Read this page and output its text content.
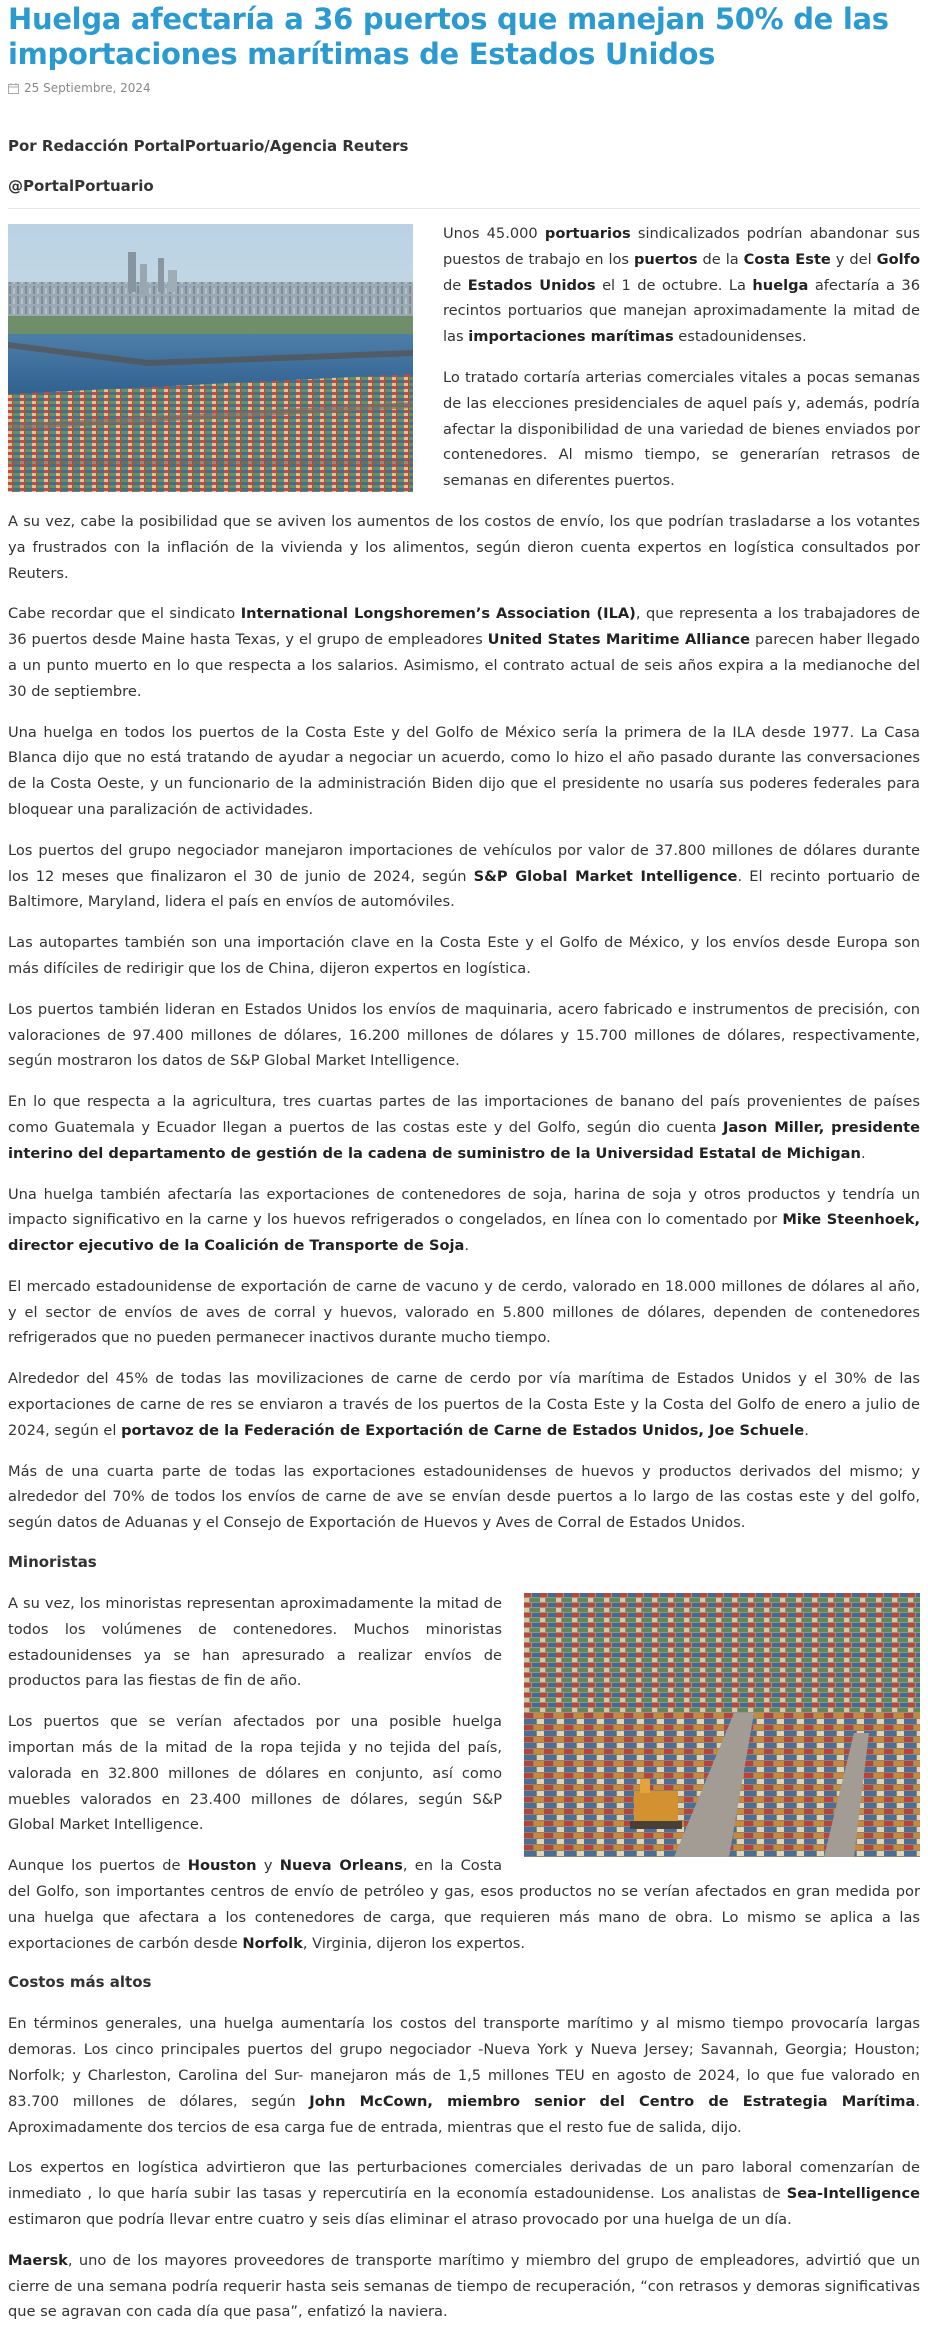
Huelga afectaría a 36 puertos que manejan 50% de las importaciones marítimas de Estados Unidos
25 Septiembre, 2024
Por Redacción PortalPortuario/Agencia Reuters
@PortalPortuario

Unos 45.000 portuarios sindicalizados podrían abandonar sus puestos de trabajo en los puertos de la Costa Este y del Golfo de Estados Unidos el 1 de octubre. La huelga afectaría a 36 recintos portuarios que manejan aproximadamente la mitad de las importaciones marítimas estadounidenses.

Lo tratado cortaría arterias comerciales vitales a pocas semanas de las elecciones presidenciales de aquel país y, además, podría afectar la disponibilidad de una variedad de bienes enviados por contenedores. Al mismo tiempo, se generarían retrasos de semanas en diferentes puertos.

A su vez, cabe la posibilidad que se aviven los aumentos de los costos de envío, los que podrían trasladarse a los votantes ya frustrados con la inflación de la vivienda y los alimentos, según dieron cuenta expertos en logística consultados por Reuters.

Cabe recordar que el sindicato International Longshoremen’s Association (ILA), que representa a los trabajadores de 36 puertos desde Maine hasta Texas, y el grupo de empleadores United States Maritime Alliance parecen haber llegado a un punto muerto en lo que respecta a los salarios. Asimismo, el contrato actual de seis años expira a la medianoche del 30 de septiembre.

Una huelga en todos los puertos de la Costa Este y del Golfo de México sería la primera de la ILA desde 1977. La Casa Blanca dijo que no está tratando de ayudar a negociar un acuerdo, como lo hizo el año pasado durante las conversaciones de la Costa Oeste, y un funcionario de la administración Biden dijo que el presidente no usaría sus poderes federales para bloquear una paralización de actividades.

Los puertos del grupo negociador manejaron importaciones de vehículos por valor de 37.800 millones de dólares durante los 12 meses que finalizaron el 30 de junio de 2024, según S&P Global Market Intelligence. El recinto portuario de Baltimore, Maryland, lidera el país en envíos de automóviles.

Las autopartes también son una importación clave en la Costa Este y el Golfo de México, y los envíos desde Europa son más difíciles de redirigir que los de China, dijeron expertos en logística.

Los puertos también lideran en Estados Unidos los envíos de maquinaria, acero fabricado e instrumentos de precisión, con valoraciones de 97.400 millones de dólares, 16.200 millones de dólares y 15.700 millones de dólares, respectivamente, según mostraron los datos de S&P Global Market Intelligence.

En lo que respecta a la agricultura, tres cuartas partes de las importaciones de banano del país provenientes de países como Guatemala y Ecuador llegan a puertos de las costas este y del Golfo, según dio cuenta Jason Miller, presidente interino del departamento de gestión de la cadena de suministro de la Universidad Estatal de Michigan.

Una huelga también afectaría las exportaciones de contenedores de soja, harina de soja y otros productos y tendría un impacto significativo en la carne y los huevos refrigerados o congelados, en línea con lo comentado por Mike Steenhoek, director ejecutivo de la Coalición de Transporte de Soja.

El mercado estadounidense de exportación de carne de vacuno y de cerdo, valorado en 18.000 millones de dólares al año, y el sector de envíos de aves de corral y huevos, valorado en 5.800 millones de dólares, dependen de contenedores refrigerados que no pueden permanecer inactivos durante mucho tiempo.

Alrededor del 45% de todas las movilizaciones de carne de cerdo por vía marítima de Estados Unidos y el 30% de las exportaciones de carne de res se enviaron a través de los puertos de la Costa Este y la Costa del Golfo de enero a julio de 2024, según el portavoz de la Federación de Exportación de Carne de Estados Unidos, Joe Schuele.

Más de una cuarta parte de todas las exportaciones estadounidenses de huevos y productos derivados del mismo; y alrededor del 70% de todos los envíos de carne de ave se envían desde puertos a lo largo de las costas este y del golfo, según datos de Aduanas y el Consejo de Exportación de Huevos y Aves de Corral de Estados Unidos.

Minoristas

A su vez, los minoristas representan aproximadamente la mitad de todos los volúmenes de contenedores. Muchos minoristas estadounidenses ya se han apresurado a realizar envíos de productos para las fiestas de fin de año.

Los puertos que se verían afectados por una posible huelga importan más de la mitad de la ropa tejida y no tejida del país, valorada en 32.800 millones de dólares en conjunto, así como muebles valorados en 23.400 millones de dólares, según S&P Global Market Intelligence.

Aunque los puertos de Houston y Nueva Orleans, en la Costa del Golfo, son importantes centros de envío de petróleo y gas, esos productos no se verían afectados en gran medida por una huelga que afectara a los contenedores de carga, que requieren más mano de obra. Lo mismo se aplica a las exportaciones de carbón desde Norfolk, Virginia, dijeron los expertos.

Costos más altos

En términos generales, una huelga aumentaría los costos del transporte marítimo y al mismo tiempo provocaría largas demoras. Los cinco principales puertos del grupo negociador -Nueva York y Nueva Jersey; Savannah, Georgia; Houston; Norfolk; y Charleston, Carolina del Sur- manejaron más de 1,5 millones TEU en agosto de 2024, lo que fue valorado en 83.700 millones de dólares, según John McCown, miembro senior del Centro de Estrategia Marítima. Aproximadamente dos tercios de esa carga fue de entrada, mientras que el resto fue de salida, dijo.

Los expertos en logística advirtieron que las perturbaciones comerciales derivadas de un paro laboral comenzarían de inmediato , lo que haría subir las tasas y repercutiría en la economía estadounidense. Los analistas de Sea-Intelligence estimaron que podría llevar entre cuatro y seis días eliminar el atraso provocado por una huelga de un día.

Maersk, uno de los mayores proveedores de transporte marítimo y miembro del grupo de empleadores, advirtió que un cierre de una semana podría requerir hasta seis semanas de tiempo de recuperación, “con retrasos y demoras significativas que se agravan con cada día que pasa”, enfatizó la naviera.
